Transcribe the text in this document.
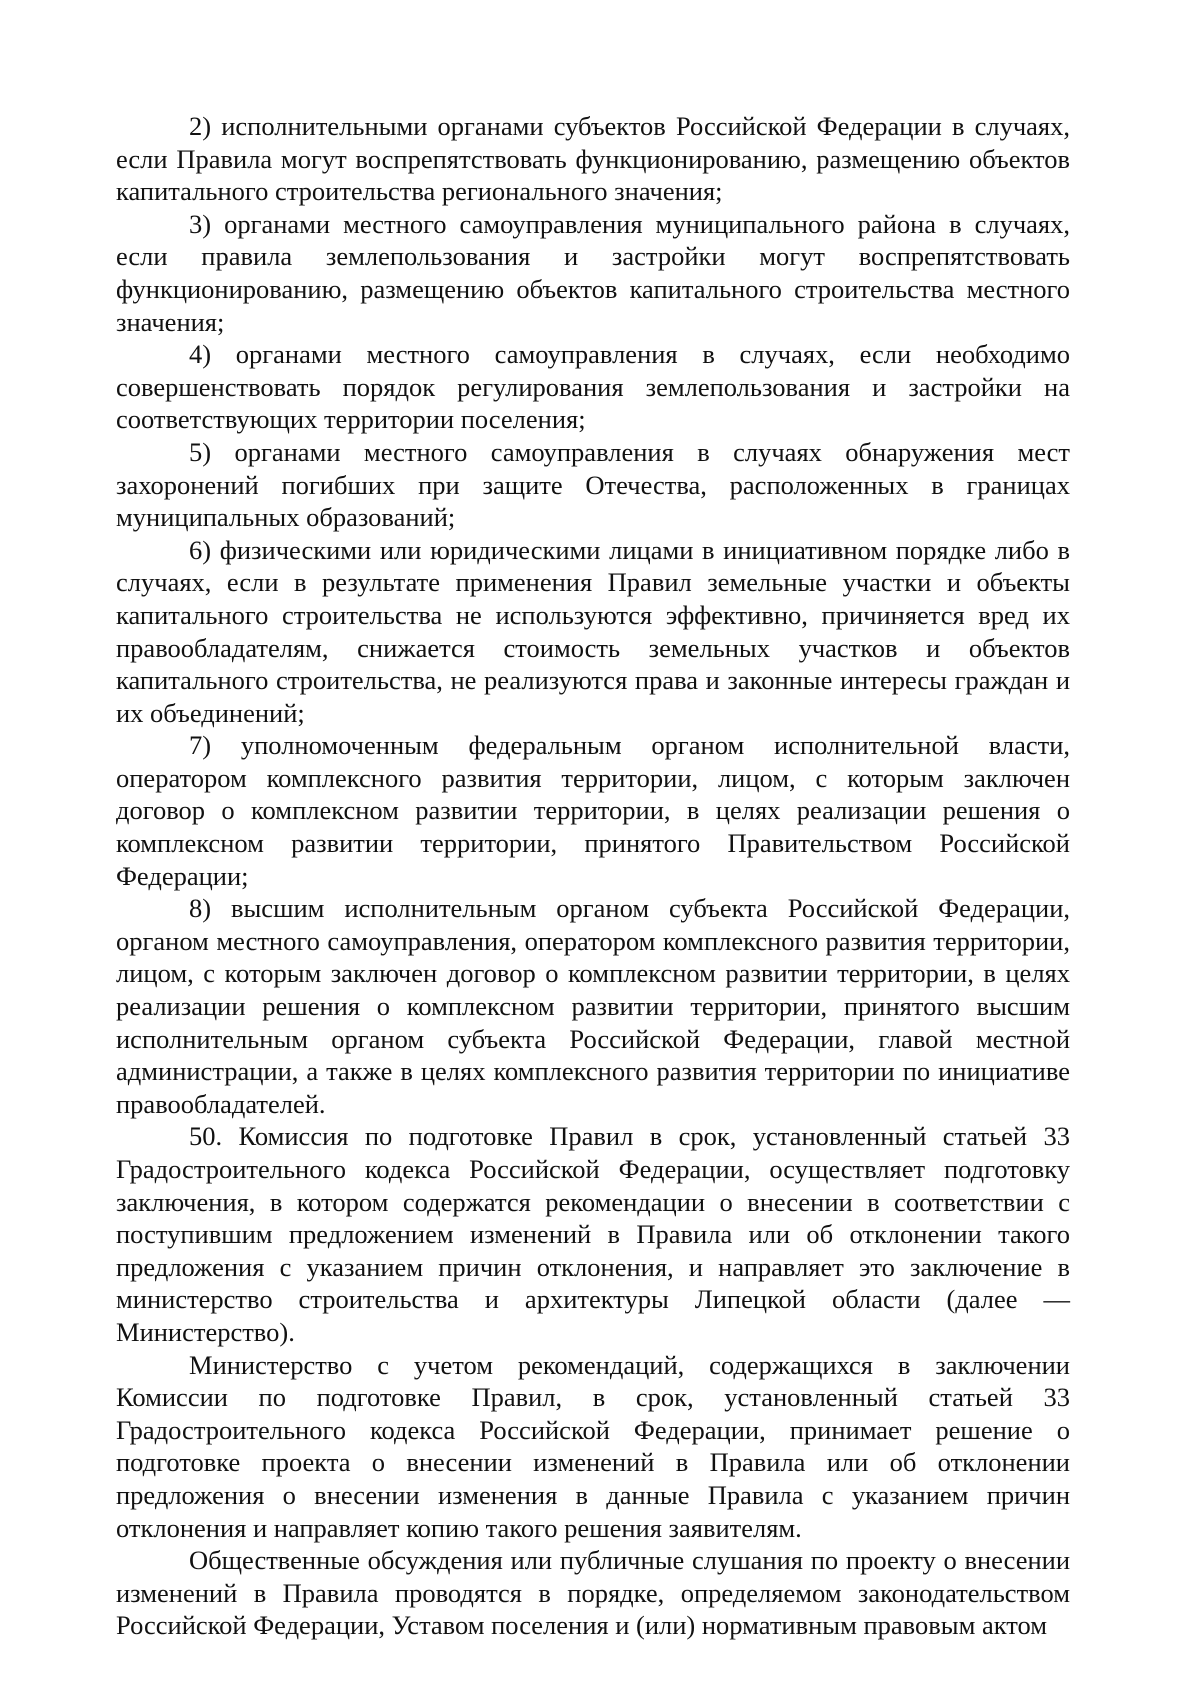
2) исполнительными органами субъектов Российской Федерации в случаях, если Правила могут воспрепятствовать функционированию, размещению объектов капитального строительства регионального значения;

3) органами местного самоуправления муниципального района в случаях, если правила землепользования и застройки могут воспрепятствовать функционированию, размещению объектов капитального строительства местного значения;

4) органами местного самоуправления в случаях, если необходимо совершенствовать порядок регулирования землепользования и застройки на соответствующих территории поселения;

5) органами местного самоуправления в случаях обнаружения мест захоронений погибших при защите Отечества, расположенных в границах муниципальных образований;

6) физическими или юридическими лицами в инициативном порядке либо в случаях, если в результате применения Правил земельные участки и объекты капитального строительства не используются эффективно, причиняется вред их правообладателям, снижается стоимость земельных участков и объектов капитального строительства, не реализуются права и законные интересы граждан и их объединений;

7) уполномоченным федеральным органом исполнительной власти, оператором комплексного развития территории, лицом, с которым заключен договор о комплексном развитии территории, в целях реализации решения о комплексном развитии территории, принятого Правительством Российской Федерации;

8) высшим исполнительным органом субъекта Российской Федерации, органом местного самоуправления, оператором комплексного развития территории, лицом, с которым заключен договор о комплексном развитии территории, в целях реализации решения о комплексном развитии территории, принятого высшим исполнительным органом субъекта Российской Федерации, главой местной администрации, а также в целях комплексного развития территории по инициативе правообладателей.

50. Комиссия по подготовке Правил в срок, установленный статьей 33 Градостроительного кодекса Российской Федерации, осуществляет подготовку заключения, в котором содержатся рекомендации о внесении в соответствии с поступившим предложением изменений в Правила или об отклонении такого предложения с указанием причин отклонения, и направляет это заключение в министерство строительства и архитектуры Липецкой области (далее — Министерство).

Министерство с учетом рекомендаций, содержащихся в заключении Комиссии по подготовке Правил, в срок, установленный статьей 33 Градостроительного кодекса Российской Федерации, принимает решение о подготовке проекта о внесении изменений в Правила или об отклонении предложения о внесении изменения в данные Правила с указанием причин отклонения и направляет копию такого решения заявителям.

Общественные обсуждения или публичные слушания по проекту о внесении изменений в Правила проводятся в порядке, определяемом законодательством Российской Федерации, Уставом поселения и (или) нормативным правовым актом
